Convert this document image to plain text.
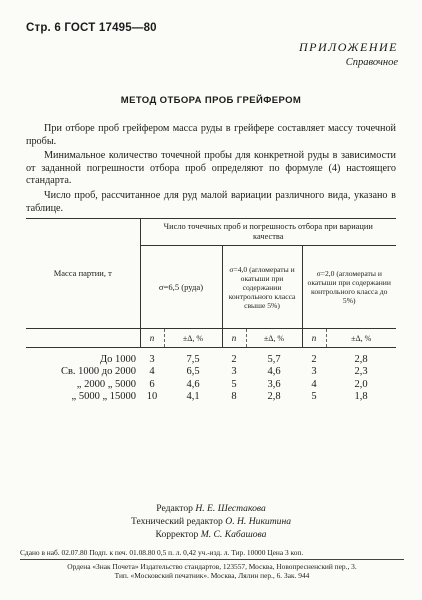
Стр. 6 ГОСТ 17495—80
ПРИЛОЖЕНИЕ
Справочное
МЕТОД ОТБОРА ПРОБ ГРЕЙФЕРОМ
При отборе проб грейфером масса руды в грейфере составляет массу точечной пробы.
Минимальное количество точечной пробы для конкретной руды в зависимости от заданной погрешности отбора проб определяют по формуле (4) настоящего стандарта.
Число проб, рассчитанное для руд малой вариации различного вида, указано в таблице.
Масса партии, т	Число точечных проб и погрешность отбора при вариации качества					
	σ=6,5 (руда)		σ=4,0 (агломераты и окатыши при содержании контрольного класса свыше 5%)		σ=2,0 (агломераты и окатыши при содержании контрольного класса до 5%)	
	n	±Δ, %	n	±Δ, %	n	±Δ, %

До 1000	3	7,5	2	5,7	2	2,8
Св. 1000 до 2000	4	6,5	3	4,6	3	2,3
„ 2000 „ 5000	6	4,6	5	3,6	4	2,0
„ 5000 „ 15000	10	4,1	8	2,8	5	1,8
Редактор Н. Е. Шестакова
Технический редактор О. Н. Никитина
Корректор М. С. Кабашова
Сдано в наб. 02.07.80 Подп. к печ. 01.08.80 0,5 п. л. 0,42 уч.-изд. л. Тир. 10000 Цена 3 коп.
Ордена «Знак Почета» Издательство стандартов, 123557, Москва, Новопресненский пер., 3.
Тип. «Московский печатник». Москва, Лялин пер., 6. Зак. 944
